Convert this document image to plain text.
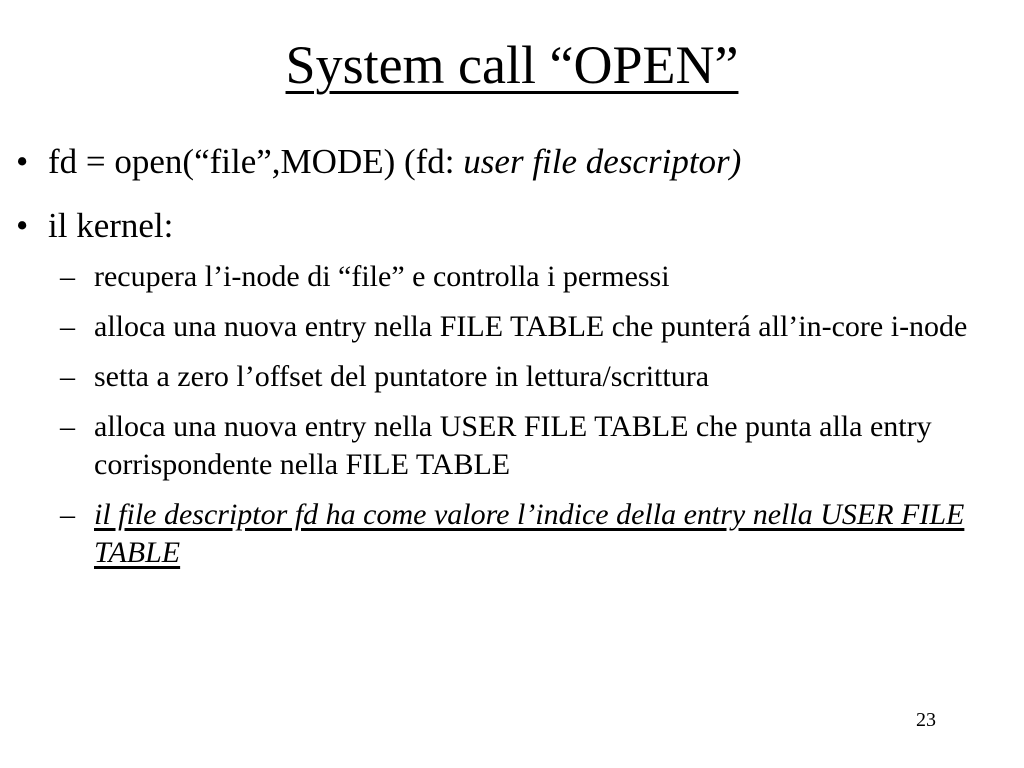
System call “OPEN”
• fd = open(“file”,MODE) (fd: user file descriptor)
• il kernel:
– recupera l’i-node di “file” e controlla i permessi
– alloca una nuova entry nella FILE TABLE che punterá all’in-core i-node
– setta a zero l’offset del puntatore in lettura/scrittura
– alloca una nuova entry nella USER FILE TABLE che punta alla entry corrispondente nella FILE TABLE
– il file descriptor fd ha come valore l’indice della entry nella USER FILE TABLE
23
